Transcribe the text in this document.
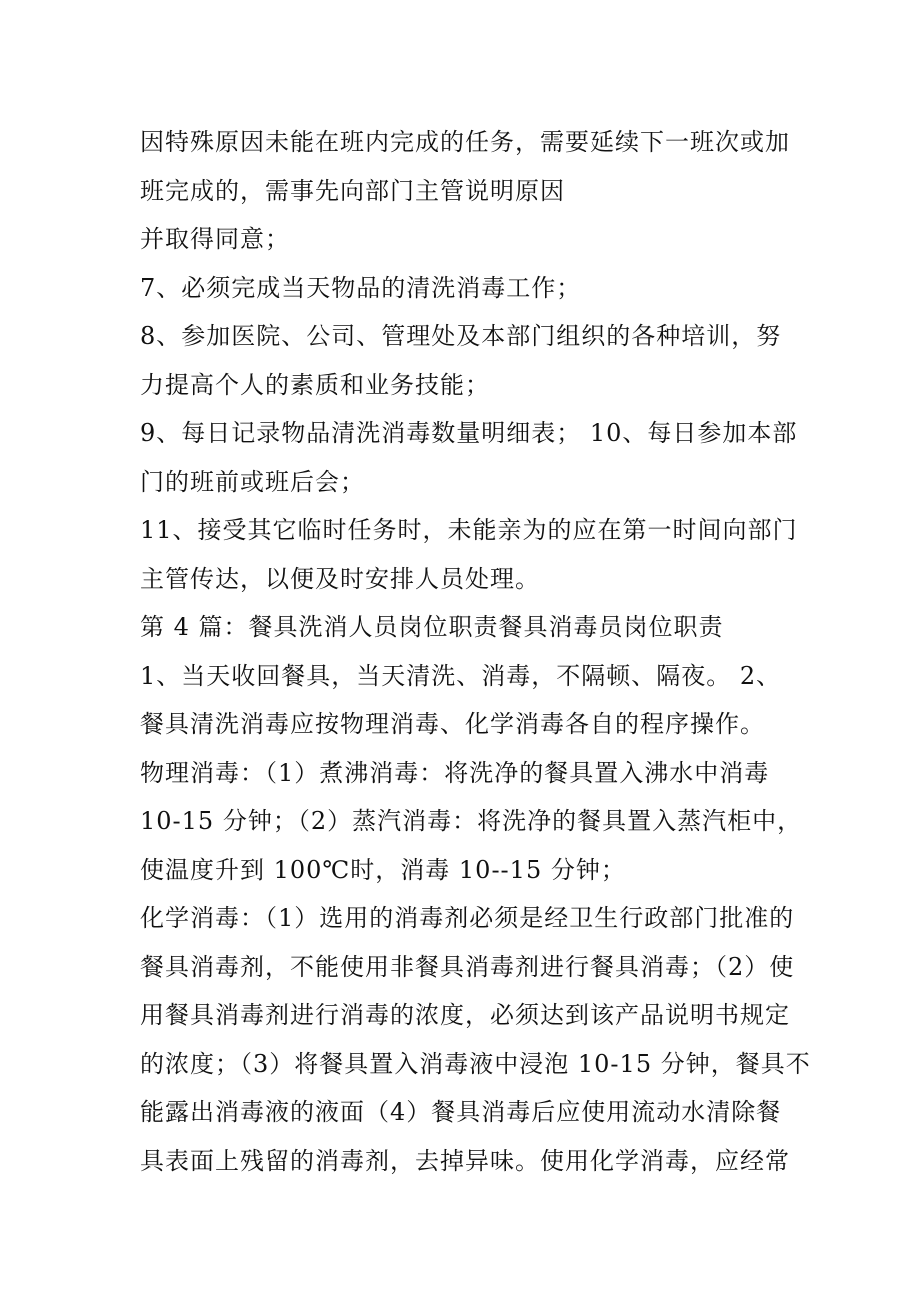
因特殊原因未能在班内完成的任务，需要延续下一班次或加
班完成的，需事先向部门主管说明原因
并取得同意；
7、必须完成当天物品的清洗消毒工作；
8、参加医院、公司、管理处及本部门组织的各种培训，努
力提高个人的素质和业务技能；
9、每日记录物品清洗消毒数量明细表； 10、每日参加本部
门的班前或班后会；
11、接受其它临时任务时，未能亲为的应在第一时间向部门
主管传达，以便及时安排人员处理。
第 4 篇：餐具洗消人员岗位职责餐具消毒员岗位职责
1、当天收回餐具，当天清洗、消毒，不隔顿、隔夜。 2、
餐具清洗消毒应按物理消毒、化学消毒各自的程序操作。
物理消毒：（1）煮沸消毒：将洗净的餐具置入沸水中消毒
10-15 分钟；（2）蒸汽消毒：将洗净的餐具置入蒸汽柜中，
使温度升到 100℃时，消毒 10--15 分钟；
化学消毒：（1）选用的消毒剂必须是经卫生行政部门批准的
餐具消毒剂，不能使用非餐具消毒剂进行餐具消毒；（2）使
用餐具消毒剂进行消毒的浓度，必须达到该产品说明书规定
的浓度；（3）将餐具置入消毒液中浸泡 10-15 分钟，餐具不
能露出消毒液的液面（4）餐具消毒后应使用流动水清除餐
具表面上残留的消毒剂，去掉异味。使用化学消毒，应经常
